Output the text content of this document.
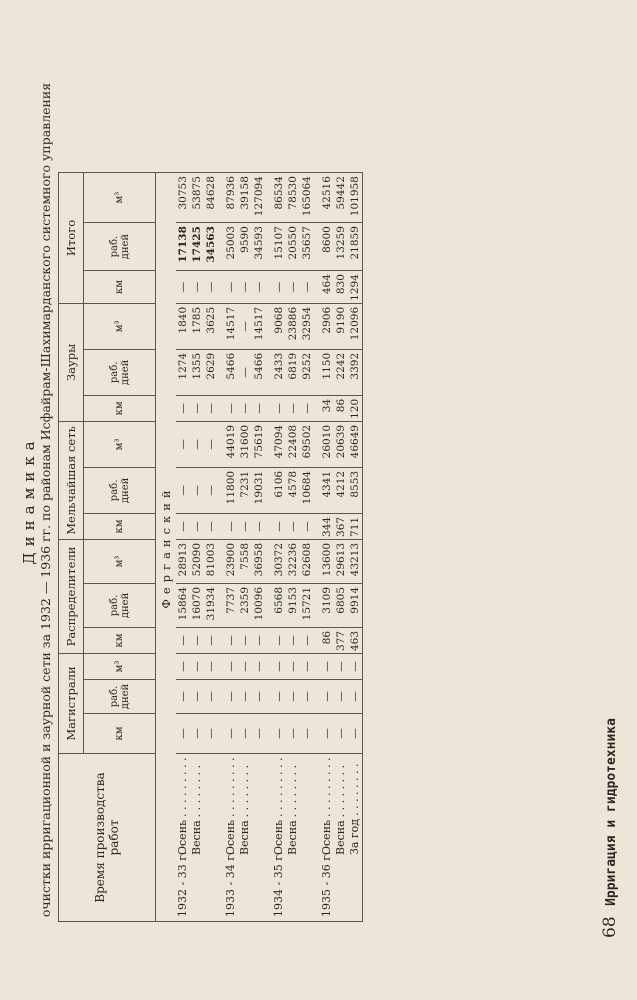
Динамика очистки ирригационной и заурной сети за 1932 — 1936 гг. по районам Исфайрам-Шахимарданского системного управления	Время производства работ	Магистрали			Распределители			Мельчайшая сеть			Зауры			Итого		
	км	раб. дней	м³	км	раб. дней	м³	км	раб. дней	м³	км	раб. дней	м³	км	раб. дней	м³
Ферганский															
1932 - 33 г.Осень. . . . . . . . .	—	—	—	—	15864	28913	—	—	—	—	1274	1840	—	17138	30753
Весна. . . . . . . .	—	—	—	—	16070	52090	—	—	—	—	1355	1785	—	17425	53875
	—	—	—	—	31934	81003	—	—	—	—	2629	3625	—	34563	84628

1933 - 34 г.Осень. . . . . . . . .	—	—	—	—	7737	23900	—	11800	44019	—	5466	14517	—	25003	87936
Весна. . . . . . . .	—	—	—	—	2359	7558	—	7231	31600	—	—	—	—	9590	39158
	—	—	—	—	10096	36958	—	19031	75619	—	5466	14517	—	34593	127094

1934 - 35 г.Осень. . . . . . . . .	—	—	—	—	6568	30372	—	6106	47094	—	2433	9068	—	15107	86534
Весна. . . . . . . .	—	—	—	—	9153	32236	—	4578	22408	—	6819	23886	—	20550	78530
	—	—	—	—	15721	62608	—	10684	69502	—	9252	32954	—	35657	165064

1935 - 36 г.Осень. . . . . . . . .	—	—	—	86	3109	13600	344	4341	26010	34	1150	2906	464	8600	42516
Весна. . . . . . . .	—	—	—	377	6805	29613	367	4212	20639	86	2242	9190	830	13259	59442
За год. . . . . . . .	—	—	—	463	9914	43213	711	8553	46649	120	3392	12096	1294	21859	101958
68 Ирригация и гидротехника
